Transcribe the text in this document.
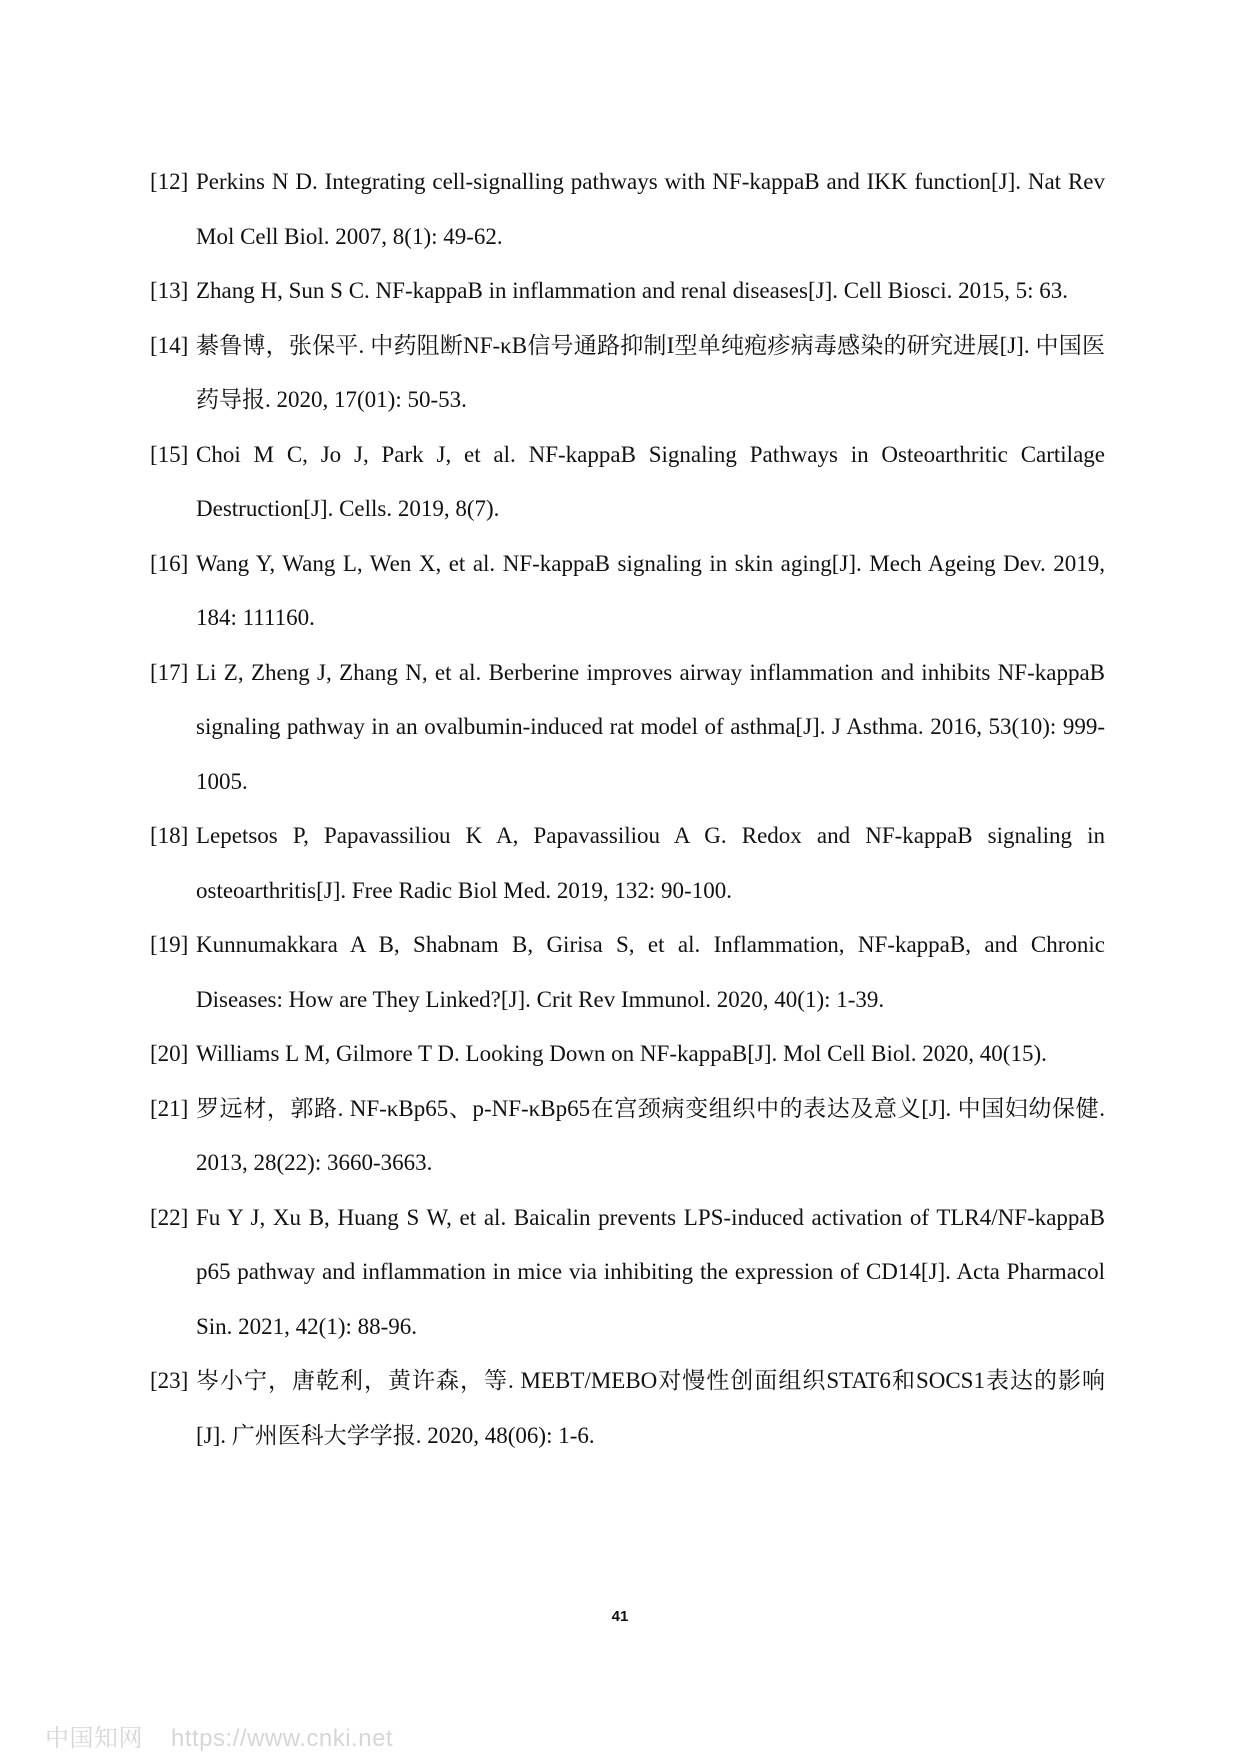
[12] Perkins N D. Integrating cell-signalling pathways with NF-kappaB and IKK function[J]. Nat Rev Mol Cell Biol. 2007, 8(1): 49-62.

[13] Zhang H, Sun S C. NF-kappaB in inflammation and renal diseases[J]. Cell Biosci. 2015, 5: 63.

[14] 綦鲁博，张保平. 中药阻断NF-κB信号通路抑制I型单纯疱疹病毒感染的研究进展[J]. 中国医药导报. 2020, 17(01): 50-53.

[15] Choi M C, Jo J, Park J, et al. NF-kappaB Signaling Pathways in Osteoarthritic Cartilage Destruction[J]. Cells. 2019, 8(7).

[16] Wang Y, Wang L, Wen X, et al. NF-kappaB signaling in skin aging[J]. Mech Ageing Dev. 2019, 184: 111160.

[17] Li Z, Zheng J, Zhang N, et al. Berberine improves airway inflammation and inhibits NF-kappaB signaling pathway in an ovalbumin-induced rat model of asthma[J]. J Asthma. 2016, 53(10): 999-1005.

[18] Lepetsos P, Papavassiliou K A, Papavassiliou A G. Redox and NF-kappaB signaling in osteoarthritis[J]. Free Radic Biol Med. 2019, 132: 90-100.

[19] Kunnumakkara A B, Shabnam B, Girisa S, et al. Inflammation, NF-kappaB, and Chronic Diseases: How are They Linked?[J]. Crit Rev Immunol. 2020, 40(1): 1-39.

[20] Williams L M, Gilmore T D. Looking Down on NF-kappaB[J]. Mol Cell Biol. 2020, 40(15).

[21] 罗远材，郭路. NF-κBp65、p-NF-κBp65在宫颈病变组织中的表达及意义[J]. 中国妇幼保健. 2013, 28(22): 3660-3663.

[22] Fu Y J, Xu B, Huang S W, et al. Baicalin prevents LPS-induced activation of TLR4/NF-kappaB p65 pathway and inflammation in mice via inhibiting the expression of CD14[J]. Acta Pharmacol Sin. 2021, 42(1): 88-96.

[23] 岑小宁，唐乾利，黄许森，等. MEBT/MEBO对慢性创面组织STAT6和SOCS1表达的影响[J]. 广州医科大学学报. 2020, 48(06): 1-6.

41
中国知网 https://www.cnki.net
